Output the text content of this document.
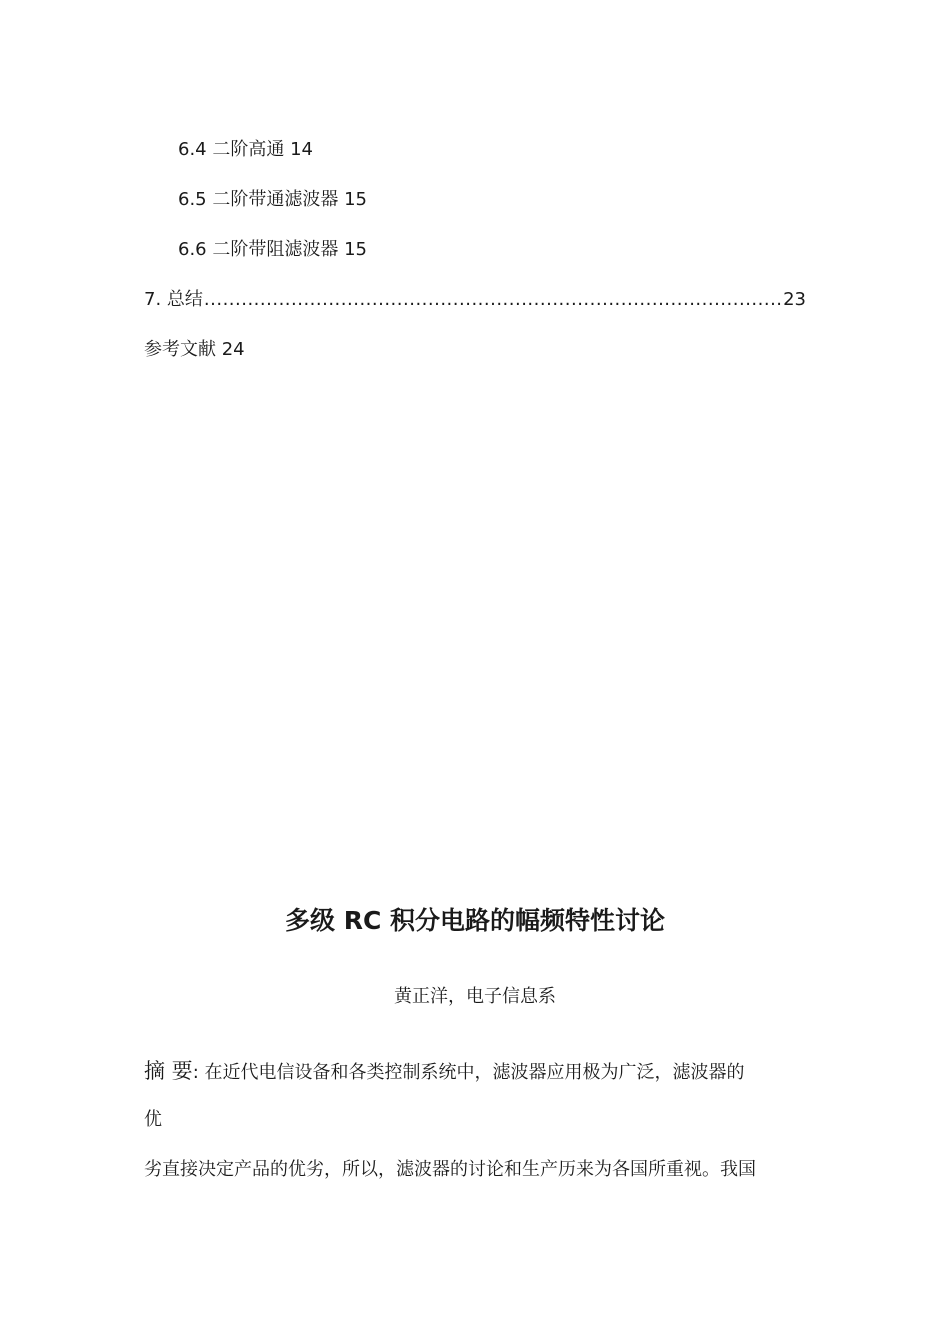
6.4 二阶高通 14
6.5 二阶带通滤波器 15
6.6 二阶带阻滤波器 15
7. 总结
.....	23
参考文献 24
多级 RC 积分电路的幅频特性讨论
黄正洋，电子信息系
摘 要: 在近代电信设备和各类控制系统中，滤波器应用极为广泛，滤波器的
优
劣直接决定产品的优劣，所以，滤波器的讨论和生产历来为各国所重视。我国
